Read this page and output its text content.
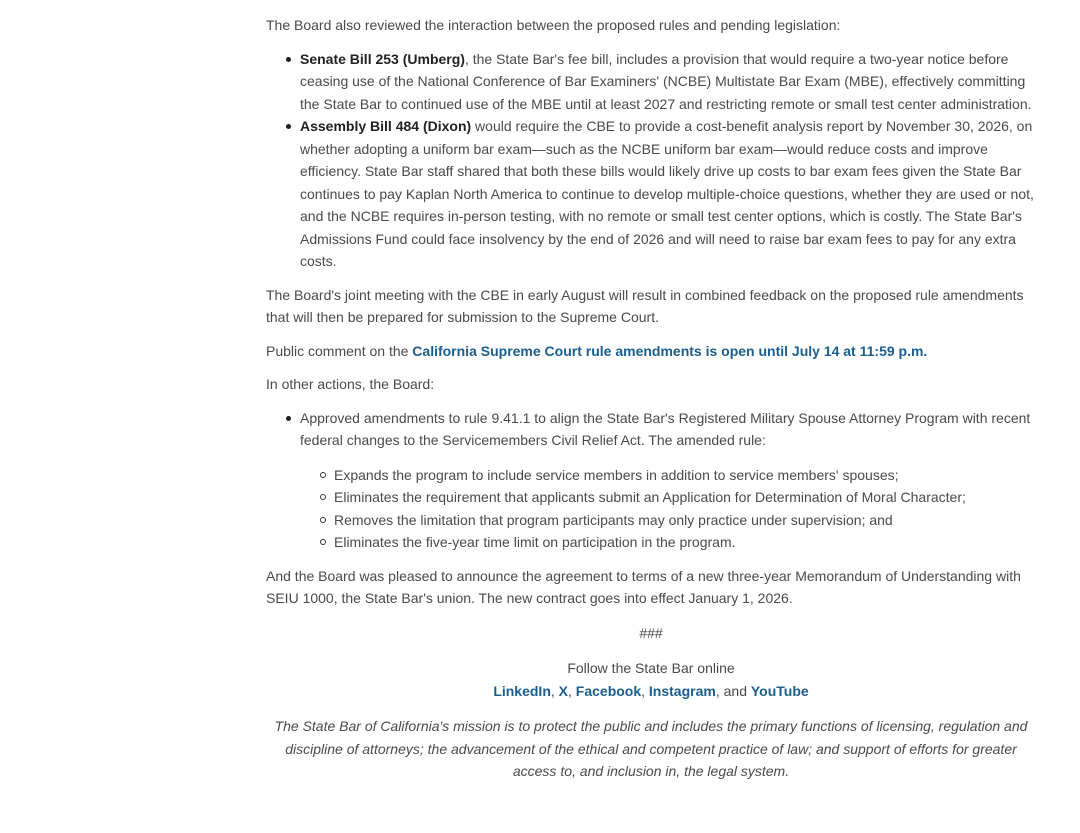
The Board also reviewed the interaction between the proposed rules and pending legislation:

Senate Bill 253 (Umberg), the State Bar's fee bill, includes a provision that would require a two-year notice before ceasing use of the National Conference of Bar Examiners' (NCBE) Multistate Bar Exam (MBE), effectively committing the State Bar to continued use of the MBE until at least 2027 and restricting remote or small test center administration.
Assembly Bill 484 (Dixon) would require the CBE to provide a cost-benefit analysis report by November 30, 2026, on whether adopting a uniform bar exam—such as the NCBE uniform bar exam—would reduce costs and improve efficiency. State Bar staff shared that both these bills would likely drive up costs to bar exam fees given the State Bar continues to pay Kaplan North America to continue to develop multiple-choice questions, whether they are used or not, and the NCBE requires in-person testing, with no remote or small test center options, which is costly. The State Bar's Admissions Fund could face insolvency by the end of 2026 and will need to raise bar exam fees to pay for any extra costs.

The Board's joint meeting with the CBE in early August will result in combined feedback on the proposed rule amendments that will then be prepared for submission to the Supreme Court.

Public comment on the California Supreme Court rule amendments is open until July 14 at 11:59 p.m.

In other actions, the Board:

Approved amendments to rule 9.41.1 to align the State Bar's Registered Military Spouse Attorney Program with recent federal changes to the Servicemembers Civil Relief Act. The amended rule:
Expands the program to include service members in addition to service members' spouses;
Eliminates the requirement that applicants submit an Application for Determination of Moral Character;
Removes the limitation that program participants may only practice under supervision; and
Eliminates the five-year time limit on participation in the program.

And the Board was pleased to announce the agreement to terms of a new three-year Memorandum of Understanding with SEIU 1000, the State Bar's union. The new contract goes into effect January 1, 2026.

###

Follow the State Bar online

LinkedIn, X, Facebook, Instagram, and YouTube

The State Bar of California's mission is to protect the public and includes the primary functions of licensing, regulation and discipline of attorneys; the advancement of the ethical and competent practice of law; and support of efforts for greater access to, and inclusion in, the legal system.
